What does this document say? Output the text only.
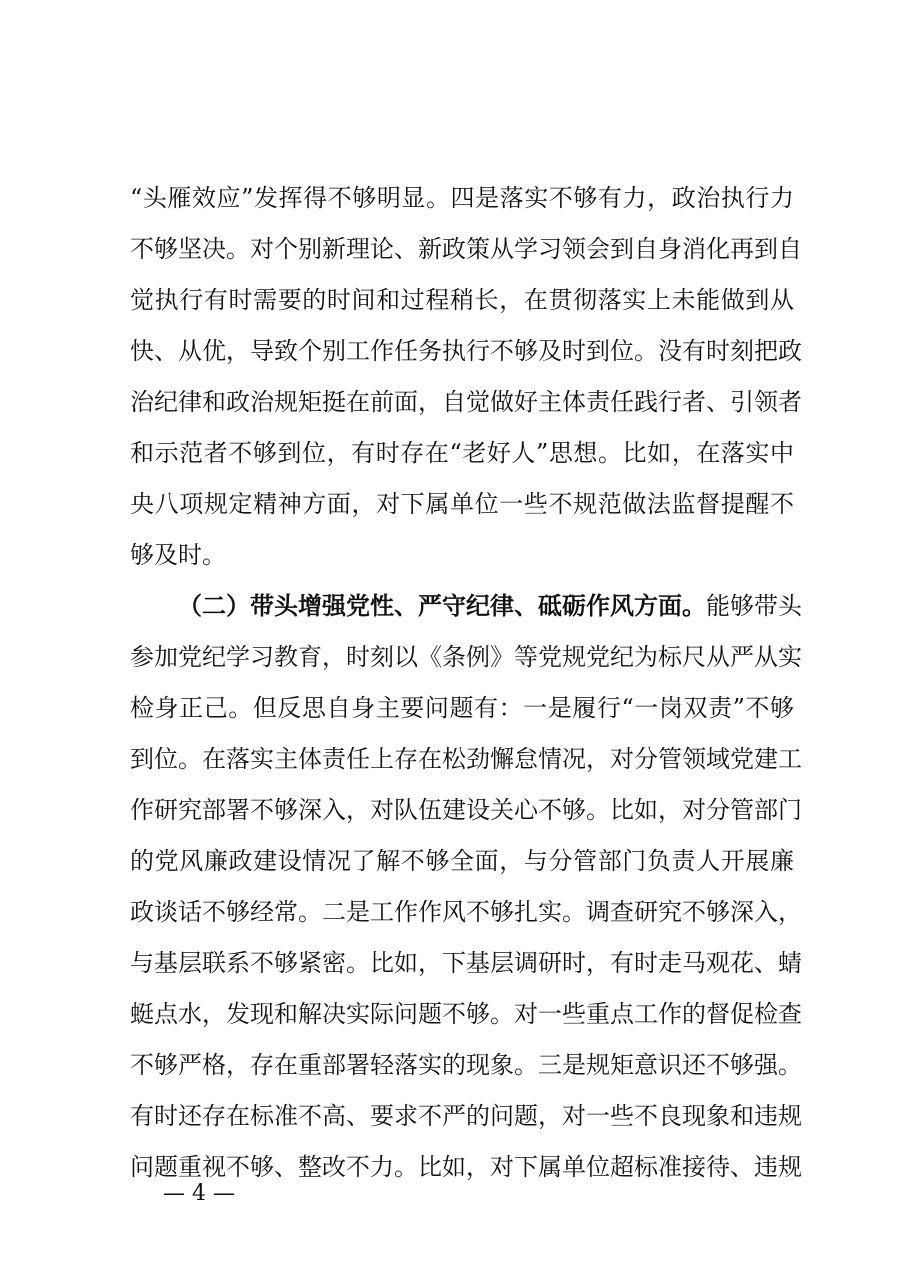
“头雁效应”发挥得不够明显。四是落实不够有力，政治执行力
不够坚决。对个别新理论、新政策从学习领会到自身消化再到自
觉执行有时需要的时间和过程稍长，在贯彻落实上未能做到从
快、从优，导致个别工作任务执行不够及时到位。没有时刻把政
治纪律和政治规矩挺在前面，自觉做好主体责任践行者、引领者
和示范者不够到位，有时存在“老好人”思想。比如，在落实中
央八项规定精神方面，对下属单位一些不规范做法监督提醒不
够及时。
（二）带头增强党性、严守纪律、砥砺作风方面。能够带头
参加党纪学习教育，时刻以《条例》等党规党纪为标尺从严从实
检身正己。但反思自身主要问题有：一是履行“一岗双责”不够
到位。在落实主体责任上存在松劲懈怠情况，对分管领域党建工
作研究部署不够深入，对队伍建设关心不够。比如，对分管部门
的党风廉政建设情况了解不够全面，与分管部门负责人开展廉
政谈话不够经常。二是工作作风不够扎实。调查研究不够深入，
与基层联系不够紧密。比如，下基层调研时，有时走马观花、蜻
蜓点水，发现和解决实际问题不够。对一些重点工作的督促检查
不够严格，存在重部署轻落实的现象。三是规矩意识还不够强。
有时还存在标准不高、要求不严的问题，对一些不良现象和违规
问题重视不够、整改不力。比如，对下属单位超标准接待、违规
— 4 —
